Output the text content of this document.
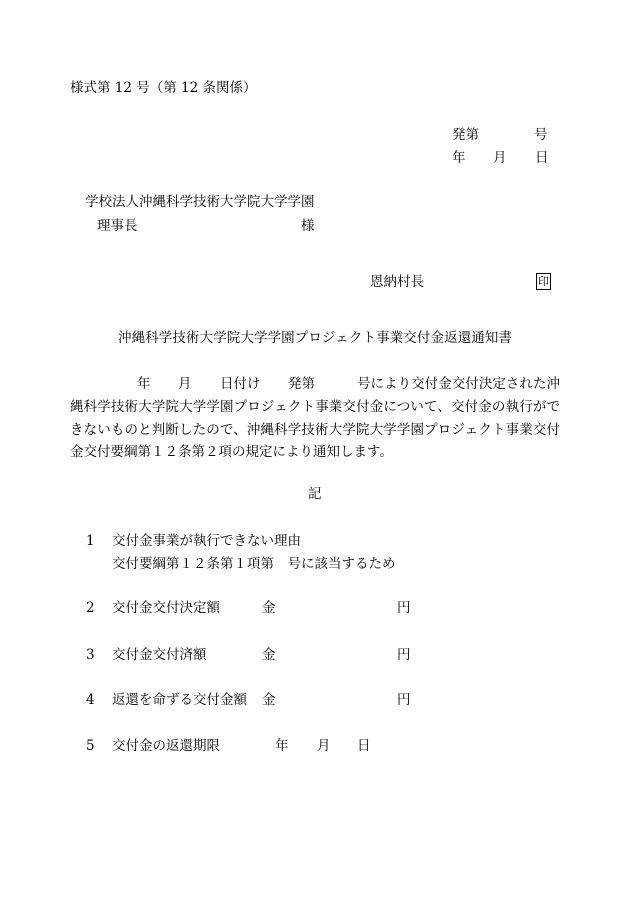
様式第 12 号（第 12 条関係）
発第	号
年 月 日
学校法人沖縄科学技術大学院大学学園
理事長	様
恩納村長	印
沖縄科学技術大学院大学学園プロジェクト事業交付金返還通知書
年 月 日付け 発第	号により交付金交付決定された沖
縄科学技術大学院大学学園プロジェクト事業交付金について、交付金の執行がで
きないものと判断したので、沖縄科学技術大学院大学学園プロジェクト事業交付
金交付要綱第１２条第２項の規定により通知します。
記
1 交付金事業が執行できない理由
交付要綱第１２条第１項第　号に該当するため
2 交付金交付決定額	金	円
3 交付金交付済額	金	円
4 返還を命ずる交付金額 金	円
5 交付金の返還期限	年 月 日
